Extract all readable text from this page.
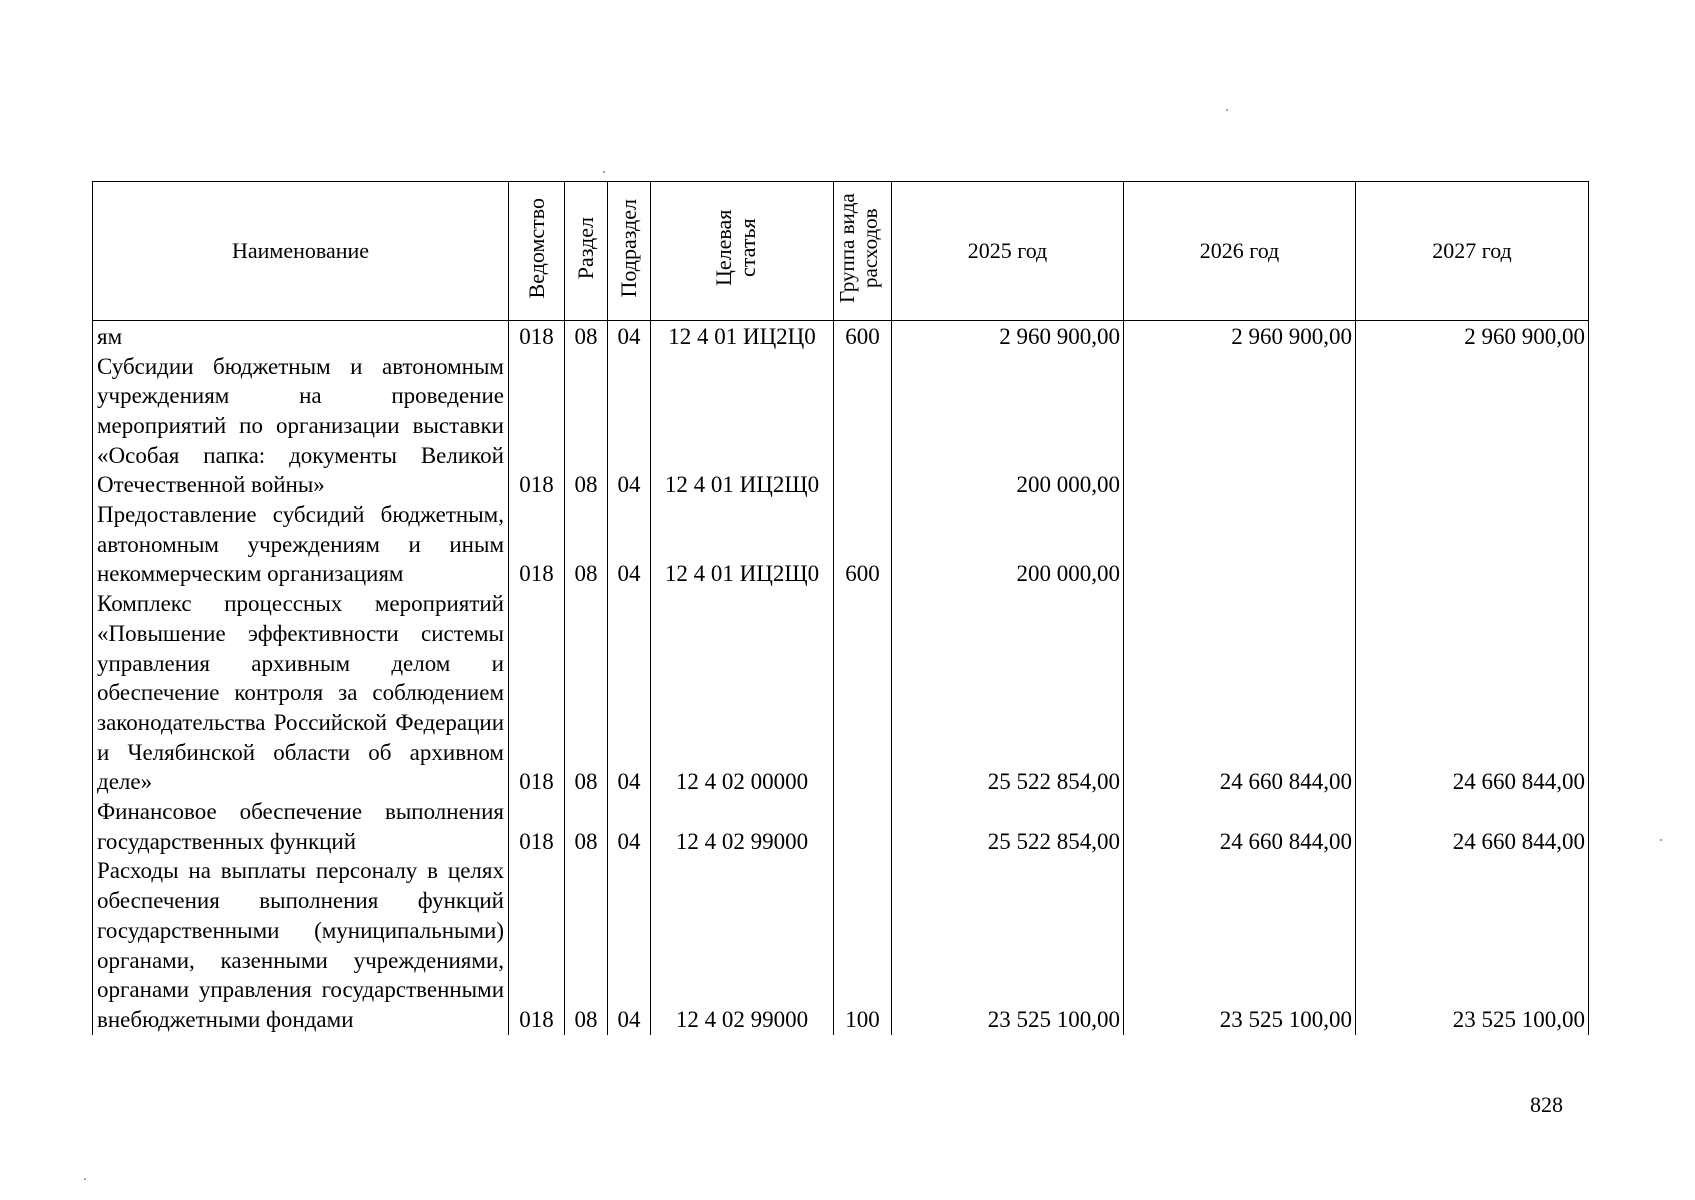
Наименование	Ведомство	Раздел	Подраздел	Целевая статья	Группа вида расходов	2025 год	2026 год	2027 год
ям	018	08	04	12 4 01 ИЦ2Ц0	600	2 960 900,00	2 960 900,00	2 960 900,00
Субсидии бюджетным и автономным учреждениям на проведение мероприятий по организации выставки «Особая папка: документы Великой Отечественной войны»	018	08	04	12 4 01 ИЦ2Щ0		200 000,00		
Предоставление субсидий бюджетным, автономным учреждениям и иным некоммерческим организациям	018	08	04	12 4 01 ИЦ2Щ0	600	200 000,00		
Комплекс процессных мероприятий «Повышение эффективности системы управления архивным делом и обеспечение контроля за соблюдением законодательства Российской Федерации и Челябинской области об архивном деле»	018	08	04	12 4 02 00000		25 522 854,00	24 660 844,00	24 660 844,00
Финансовое обеспечение выполнения государственных функций	018	08	04	12 4 02 99000		25 522 854,00	24 660 844,00	24 660 844,00
Расходы на выплаты персоналу в целях обеспечения выполнения функций государственными (муниципальными) органами, казенными учреждениями, органами управления государственными внебюджетными фондами	018	08	04	12 4 02 99000	100	23 525 100,00	23 525 100,00	23 525 100,00
828
